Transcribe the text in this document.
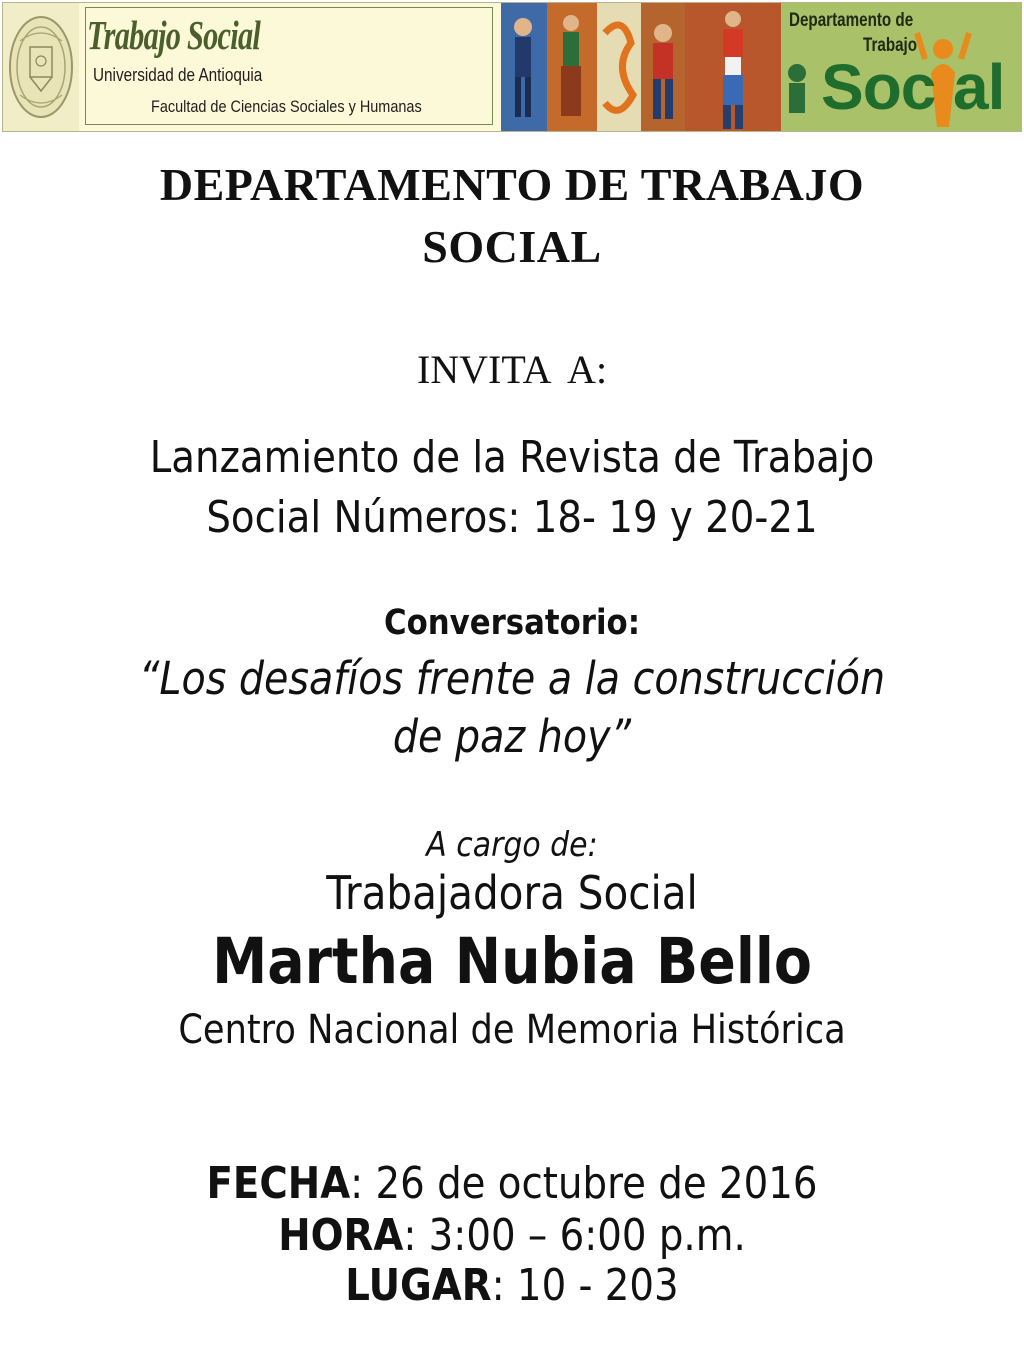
Trabajo Social
Universidad de Antioquia
Facultad de Ciencias Sociales y Humanas
Departamento de
Trabajo
Soc al
DEPARTAMENTO DE TRABAJO
SOCIAL
INVITA  A:
Lanzamiento de la Revista de Trabajo
Social Números: 18- 19 y 20-21
Conversatorio:
“Los desafíos frente a la construcción
de paz hoy”
A cargo de:
Trabajadora Social
Martha Nubia Bello
Centro Nacional de Memoria Histórica
FECHA: 26 de octubre de 2016
HORA: 3:00 – 6:00 p.m.
LUGAR: 10 - 203
